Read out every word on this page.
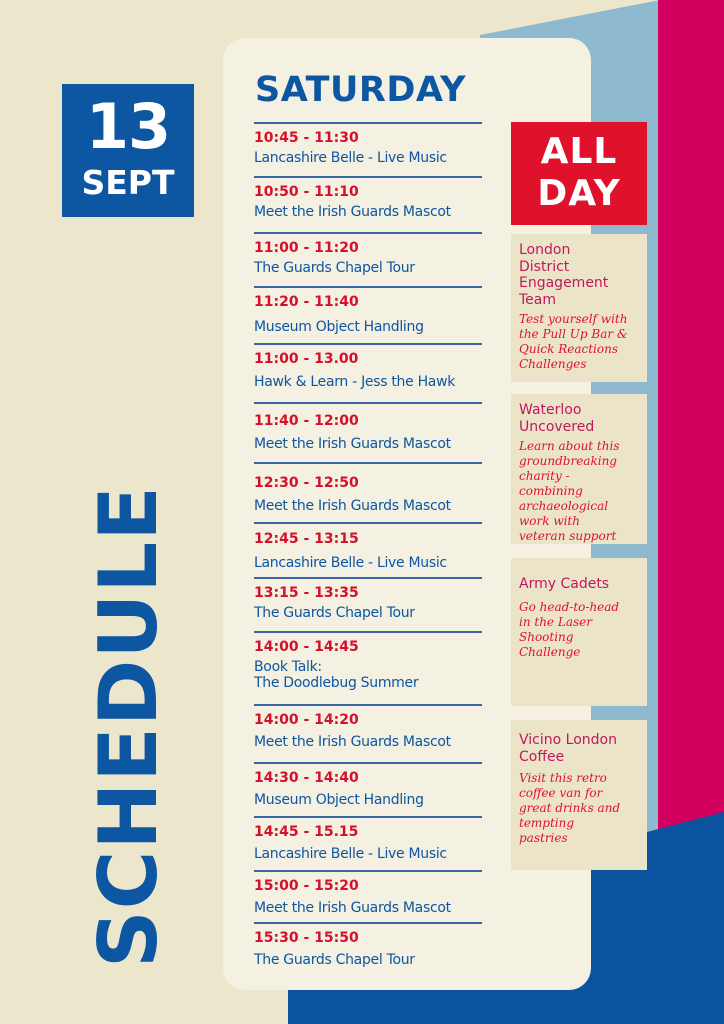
13
SEPT
SCHEDULE
SATURDAY
10:45 - 11:30
Lancashire Belle - Live Music
10:50 - 11:10
Meet the Irish Guards Mascot
11:00 - 11:20
The Guards Chapel Tour
11:20 - 11:40
Museum Object Handling
11:00 - 13.00
Hawk & Learn - Jess the Hawk
11:40 - 12:00
Meet the Irish Guards Mascot
12:30 - 12:50
Meet the Irish Guards Mascot
12:45 - 13:15
Lancashire Belle - Live Music
13:15 - 13:35
The Guards Chapel Tour
14:00 - 14:45
Book Talk:
The Doodlebug Summer
14:00 - 14:20
Meet the Irish Guards Mascot
14:30 - 14:40
Museum Object Handling
14:45 - 15.15
Lancashire Belle - Live Music
15:00 - 15:20
Meet the Irish Guards Mascot
15:30 - 15:50
The Guards Chapel Tour
ALL
DAY
London
District
Engagement
Team
Test yourself with
the Pull Up Bar &
Quick Reactions
Challenges
Waterloo
Uncovered
Learn about this
groundbreaking
charity -
combining
archaeological
work with
veteran support
Army Cadets
Go head-to-head
in the Laser
Shooting
Challenge
Vicino London
Coffee
Visit this retro
coffee van for
great drinks and
tempting
pastries
